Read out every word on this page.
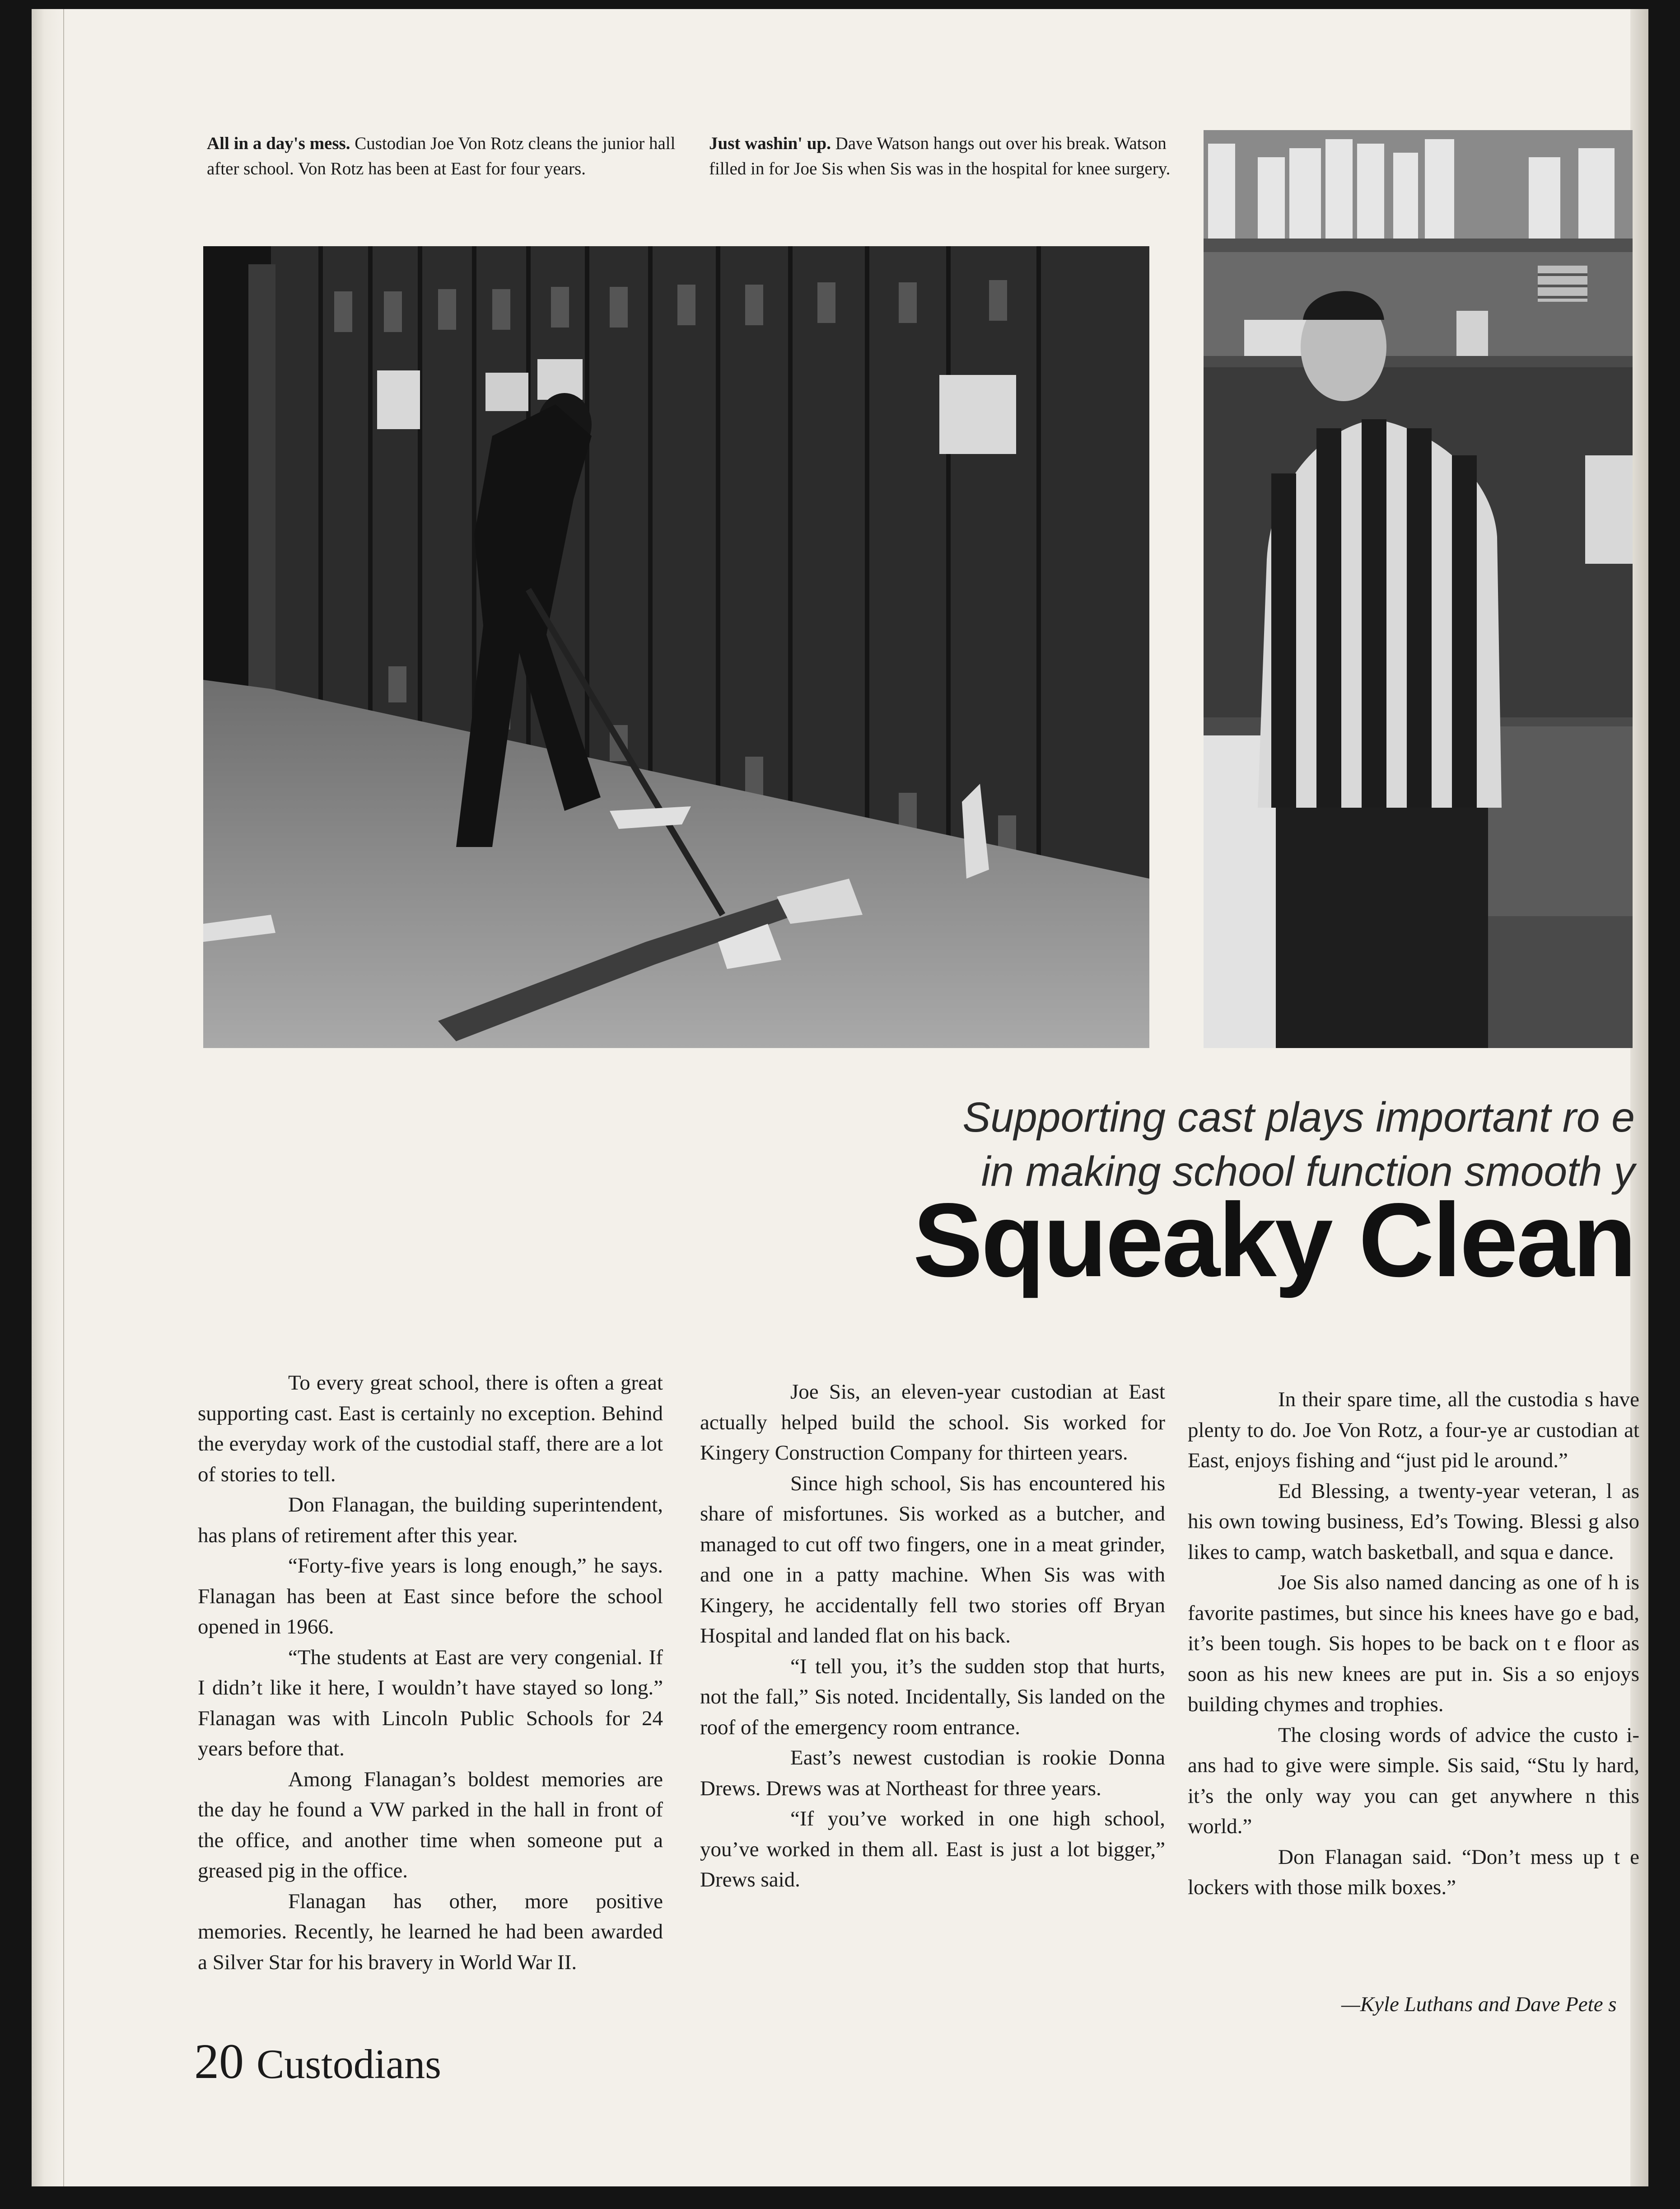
All in a day's mess. Custodian Joe Von Rotz cleans the junior hall after school. Von Rotz has been at East for four years.
Just washin' up. Dave Watson hangs out over his break. Watson filled in for Joe Sis when Sis was in the hospital for knee surgery.
Supporting cast plays important ro e
in making school function smooth y
Squeaky Clean

To every great school, there is often a great supporting cast. East is certainly no exception. Behind the everyday work of the custodial staff, there are a lot of stories to tell.

Don Flanagan, the building superintendent, has plans of retirement after this year.

“Forty-five years is long enough,” he says. Flanagan has been at East since before the school opened in 1966.

“The students at East are very congenial. If I didn’t like it here, I wouldn’t have stayed so long.” Flanagan was with Lincoln Public Schools for 24 years before that.

Among Flanagan’s boldest memories are the day he found a VW parked in the hall in front of the office, and another time when someone put a greased pig in the office.

Flanagan has other, more positive memories. Recently, he learned he had been awarded a Silver Star for his bravery in World War II.

Joe Sis, an eleven-year custodian at East actually helped build the school. Sis worked for Kingery Construction Company for thirteen years.

Since high school, Sis has encountered his share of misfortunes. Sis worked as a butcher, and managed to cut off two fingers, one in a meat grinder, and one in a patty machine. When Sis was with Kingery, he accidentally fell two stories off Bryan Hospital and landed flat on his back.

“I tell you, it’s the sudden stop that hurts, not the fall,” Sis noted. Incidentally, Sis landed on the roof of the emergency room entrance.

East’s newest custodian is rookie Donna Drews. Drews was at Northeast for three years.

“If you’ve worked in one high school, you’ve worked in them all. East is just a lot bigger,” Drews said.

In their spare time, all the custodia s have plenty to do. Joe Von Rotz, a four-ye ar custodian at East, enjoys fishing and “just pid le around.”

Ed Blessing, a twenty-year veteran, l as his own towing business, Ed’s Towing. Blessi g also likes to camp, watch basketball, and squa e dance.

Joe Sis also named dancing as one of h is favorite pastimes, but since his knees have go e bad, it’s been tough. Sis hopes to be back on t e floor as soon as his new knees are put in. Sis a so enjoys building chymes and trophies.

The closing words of advice the custo i- ans had to give were simple. Sis said, “Stu ly hard, it’s the only way you can get anywhere n this world.”

Don Flanagan said. “Don’t mess up t e lockers with those milk boxes.”

—Kyle Luthans and Dave Pete s
20 Custodians
